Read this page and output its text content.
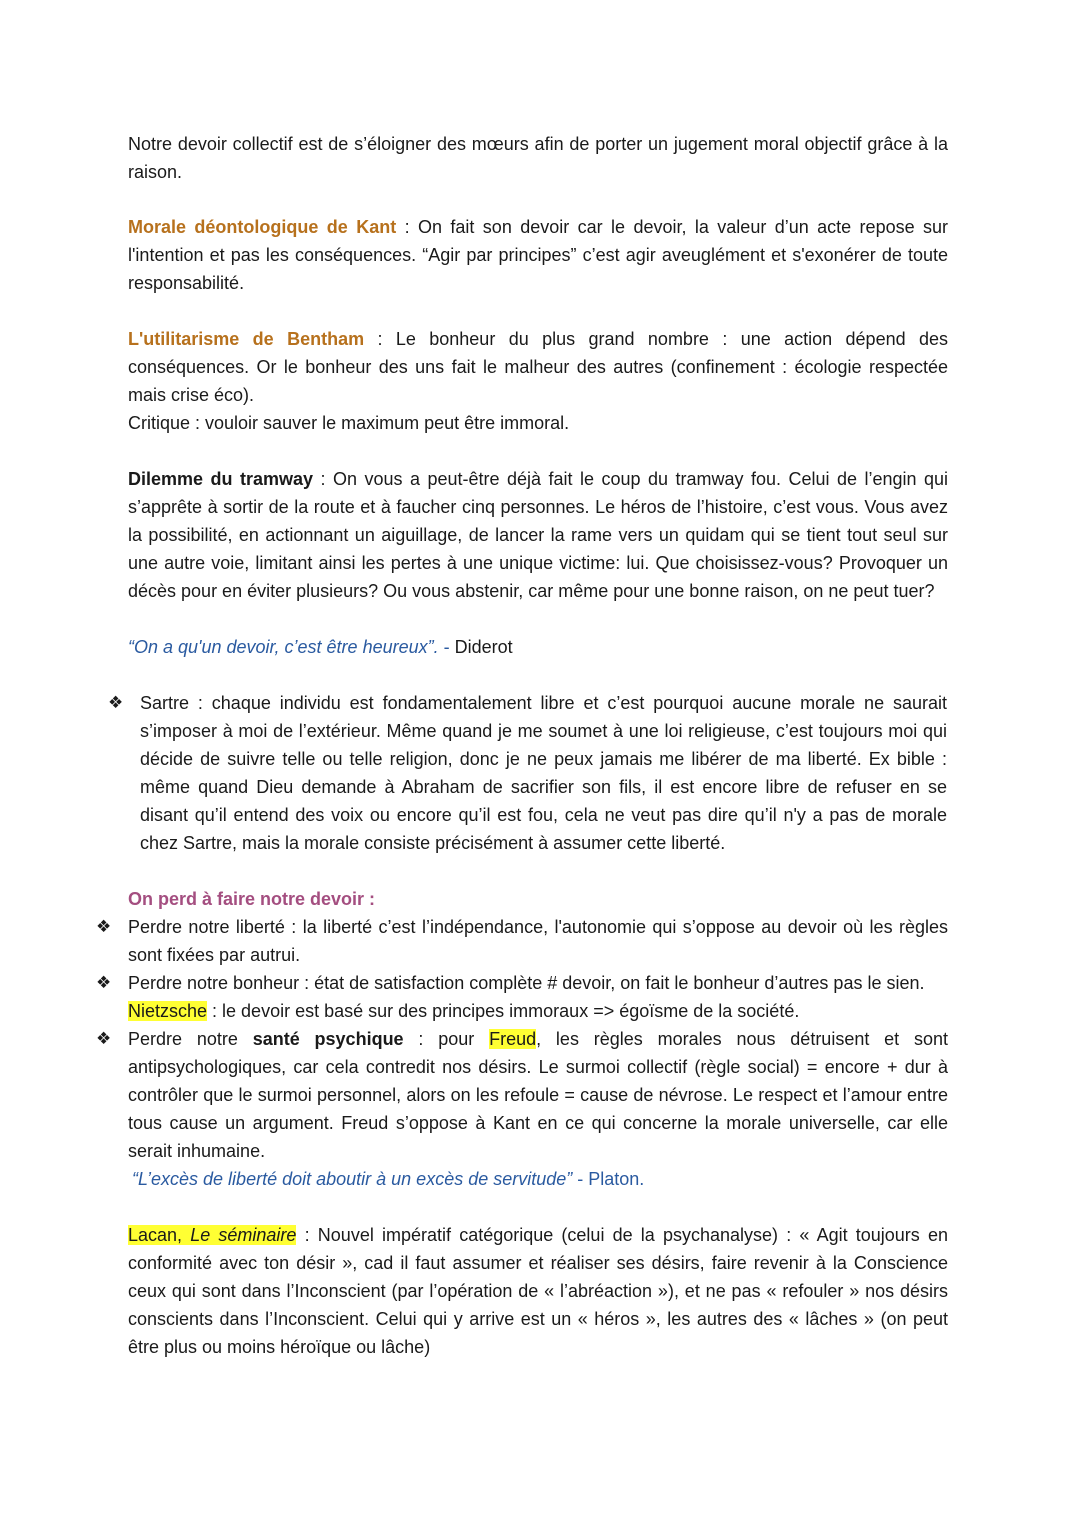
Notre devoir collectif est de s’éloigner des mœurs afin de porter un jugement moral objectif grâce à la raison.
Morale déontologique de Kant : On fait son devoir car le devoir, la valeur d’un acte repose sur l'intention et pas les conséquences. “Agir par principes” c’est agir aveuglément et s'exonérer de toute responsabilité.
L'utilitarisme de Bentham : Le bonheur du plus grand nombre : une action dépend des conséquences. Or le bonheur des uns fait le malheur des autres (confinement : écologie respectée mais crise éco).
Critique : vouloir sauver le maximum peut être immoral.
Dilemme du tramway : On vous a peut-être déjà fait le coup du tramway fou. Celui de l’engin qui s’apprête à sortir de la route et à faucher cinq personnes. Le héros de l’histoire, c’est vous. Vous avez la possibilité, en actionnant un aiguillage, de lancer la rame vers un quidam qui se tient tout seul sur une autre voie, limitant ainsi les pertes à une unique victime: lui. Que choisissez-vous? Provoquer un décès pour en éviter plusieurs? Ou vous abstenir, car même pour une bonne raison, on ne peut tuer?
“On a qu'un devoir, c’est être heureux”. - Diderot
❖ Sartre : chaque individu est fondamentalement libre et c’est pourquoi aucune morale ne saurait s’imposer à moi de l’extérieur. Même quand je me soumet à une loi religieuse, c’est toujours moi qui décide de suivre telle ou telle religion, donc je ne peux jamais me libérer de ma liberté. Ex bible : même quand Dieu demande à Abraham de sacrifier son fils, il est encore libre de refuser en se disant qu’il entend des voix ou encore qu’il est fou, cela ne veut pas dire qu’il n'y a pas de morale chez Sartre, mais la morale consiste précisément à assumer cette liberté.
On perd à faire notre devoir :
❖ Perdre notre liberté : la liberté c’est l’indépendance, l'autonomie qui s’oppose au devoir où les règles sont fixées par autrui.
❖ Perdre notre bonheur : état de satisfaction complète # devoir, on fait le bonheur d’autres pas le sien.
Nietzsche : le devoir est basé sur des principes immoraux => égoïsme de la société.
❖ Perdre notre santé psychique : pour Freud, les règles morales nous détruisent et sont antipsychologiques, car cela contredit nos désirs. Le surmoi collectif (règle social) = encore + dur à contrôler que le surmoi personnel, alors on les refoule = cause de névrose. Le respect et l’amour entre tous cause un argument. Freud s’oppose à Kant en ce qui concerne la morale universelle, car elle serait inhumaine.
“L’excès de liberté doit aboutir à un excès de servitude” - Platon.
Lacan, Le séminaire : Nouvel impératif catégorique (celui de la psychanalyse) : « Agit toujours en conformité avec ton désir », cad il faut assumer et réaliser ses désirs, faire revenir à la Conscience ceux qui sont dans l’Inconscient (par l’opération de « l’abréaction »), et ne pas « refouler » nos désirs conscients dans l’Inconscient. Celui qui y arrive est un « héros », les autres des « lâches » (on peut être plus ou moins héroïque ou lâche)
